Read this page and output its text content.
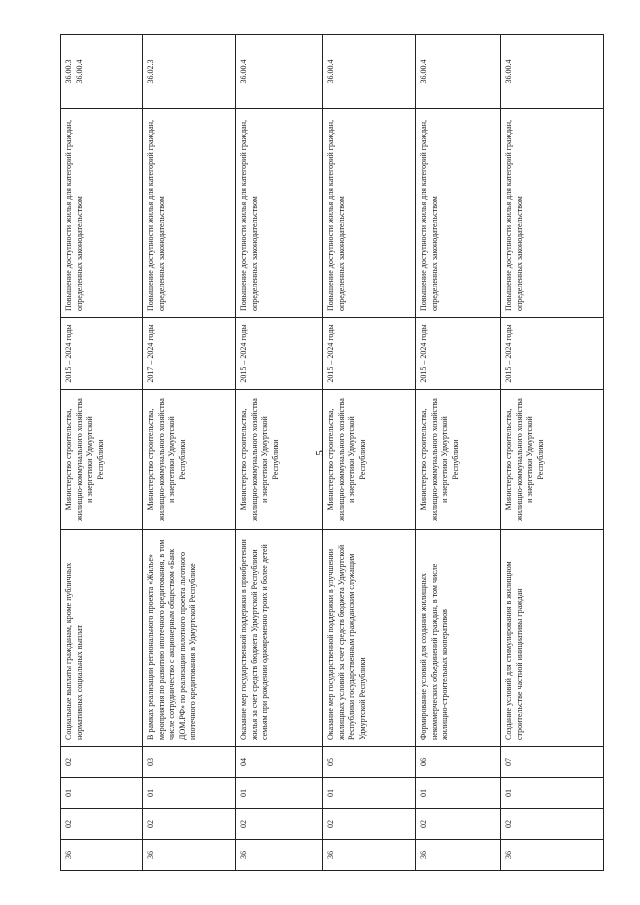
5
36	02	01	02	Социальные выплаты гражданам, кроме публичных нормативных социальных выплат	Министерство строительства, жилищно-коммунального хозяйства и энергетики Удмуртской Республики	2015 – 2024 годы	Повышение доступности жилья для категорий граждан, определенных законодательством	36.00.3
36.00.4
36	02	01	03	В рамках реализации регионального проекта «Жилье» мероприятия по развитию ипотечного кредитования, в том числе сотрудничество с акционерным обществом «Банк ДОМ.РФ» по реализации пилотного проекта льготного ипотечного кредитования в Удмуртской Республике	Министерство строительства, жилищно-коммунального хозяйства и энергетики Удмуртской Республики	2017 – 2024 годы	Повышение доступности жилья для категорий граждан, определенных законодательством	36.02.3
36	02	01	04	Оказание мер государственной поддержки в приобретении жилья за счет средств бюджета Удмуртской Республики семьям при рождении одновременно троих и более детей	Министерство строительства, жилищно-коммунального хозяйства и энергетики Удмуртской Республики	2015 – 2024 годы	Повышение доступности жилья для категорий граждан, определенных законодательством	36.00.4
36	02	01	05	Оказание мер государственной поддержки в улучшении жилищных условий за счет средств бюджета Удмуртской Республики государственным гражданским служащим Удмуртской Республики	Министерство строительства, жилищно-коммунального хозяйства и энергетики Удмуртской Республики	2015 – 2024 годы	Повышение доступности жилья для категорий граждан, определенных законодательством	36.00.4
36	02	01	06	Формирование условий для создания жилищных некоммерческих объединений граждан, в том числе жилищно-строительных кооперативов	Министерство строительства, жилищно-коммунального хозяйства и энергетики Удмуртской Республики	2015 – 2024 годы	Повышение доступности жилья для категорий граждан, определенных законодательством	36.00.4
36	02	01	07	Создание условий для стимулирования в жилищном строительстве частной инициативы граждан	Министерство строительства, жилищно-коммунального хозяйства и энергетики Удмуртской Республики	2015 – 2024 годы	Повышение доступности жилья для категорий граждан, определенных законодательством	36.00.4
